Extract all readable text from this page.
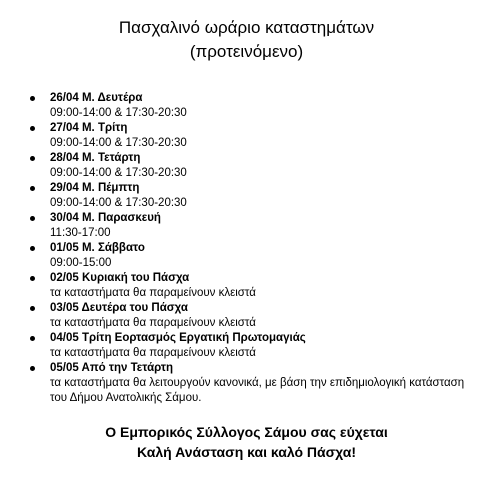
Πασχαλινό ωράριο καταστημάτων
(προτεινόμενο)
26/04 Μ. Δευτέρα
09:00-14:00 & 17:30-20:30
27/04 Μ. Τρίτη
09:00-14:00 & 17:30-20:30
28/04 Μ. Τετάρτη
09:00-14:00 & 17:30-20:30
29/04 Μ. Πέμπτη
09:00-14:00 & 17:30-20:30
30/04 Μ. Παρασκευή
11:30-17:00
01/05 Μ. Σάββατο
09:00-15:00
02/05 Κυριακή του Πάσχα
τα καταστήματα θα παραμείνουν κλειστά
03/05 Δευτέρα του Πάσχα
τα καταστήματα θα παραμείνουν κλειστά
04/05 Τρίτη Εορτασμός Εργατική Πρωτομαγιάς
τα καταστήματα θα παραμείνουν κλειστά
05/05 Από την Τετάρτη
τα καταστήματα θα λειτουργούν κανονικά, με βάση την επιδημιολογική κατάσταση του Δήμου Ανατολικής Σάμου.

Ο Εμπορικός Σύλλογος Σάμου σας εύχεται
Καλή Ανάσταση και καλό Πάσχα!
